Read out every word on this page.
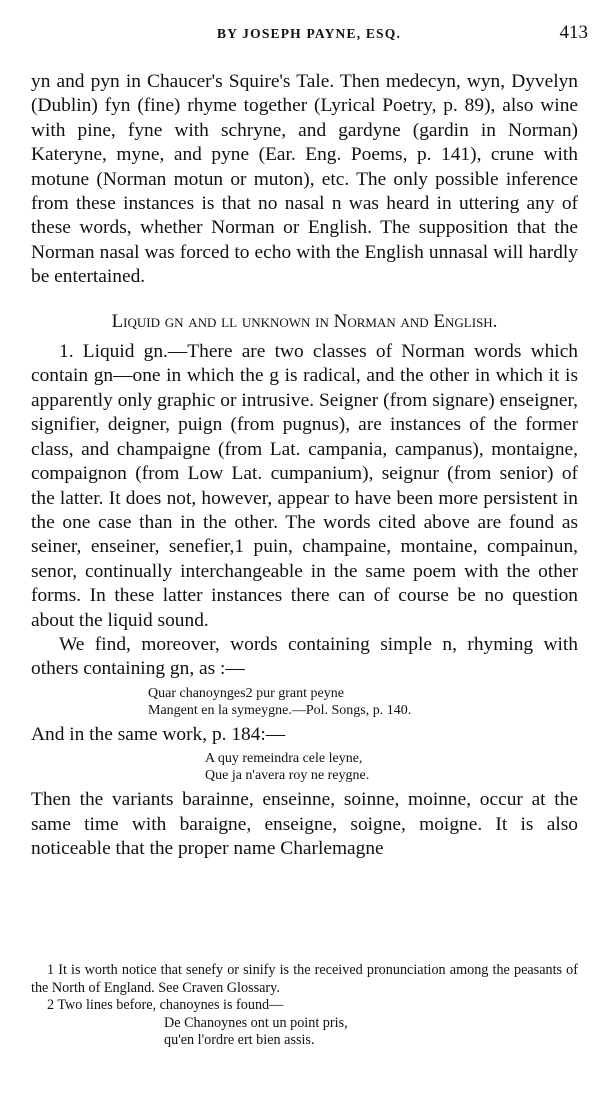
BY JOSEPH PAYNE, ESQ.	413

yn and pyn in Chaucer's Squire's Tale. Then medecyn, wyn, Dyvelyn (Dublin) fyn (fine) rhyme together (Lyrical Poetry, p. 89), also wine with pine, fyne with schryne, and gardyne (gardin in Norman) Kateryne, myne, and pyne (Ear. Eng. Poems, p. 141), crune with motune (Norman motun or muton), etc. The only possible inference from these instances is that no nasal n was heard in uttering any of these words, whether Norman or English. The supposition that the Norman nasal was forced to echo with the English unnasal will hardly be entertained.

Liquid gn and ll unknown in Norman and English.

1. Liquid gn.—There are two classes of Norman words which contain gn—one in which the g is radical, and the other in which it is apparently only graphic or intrusive. Seigner (from signare) enseigner, signifier, deigner, puign (from pugnus), are instances of the former class, and champaigne (from Lat. campania, campanus), montaigne, compaignon (from Low Lat. cumpanium), seignur (from senior) of the latter. It does not, however, appear to have been more persistent in the one case than in the other. The words cited above are found as seiner, enseiner, senefier,1 puin, champaine, montaine, compainun, senor, continually interchangeable in the same poem with the other forms. In these latter instances there can of course be no question about the liquid sound.

We find, moreover, words containing simple n, rhyming with others containing gn, as :—

Quar chanoynges2 pur grant peyne

Mangent en la symeygne.—Pol. Songs, p. 140.

And in the same work, p. 184:—

A quy remeindra cele leyne,

Que ja n'avera roy ne reygne.

Then the variants barainne, enseinne, soinne, moinne, occur at the same time with baraigne, enseigne, soigne, moigne. It is also noticeable that the proper name Charlemagne

1 It is worth notice that senefy or sinify is the received pronunciation among the peasants of the North of England. See Craven Glossary.

2 Two lines before, chanoynes is found—

De Chanoynes ont un point pris,

qu'en l'ordre ert bien assis.
